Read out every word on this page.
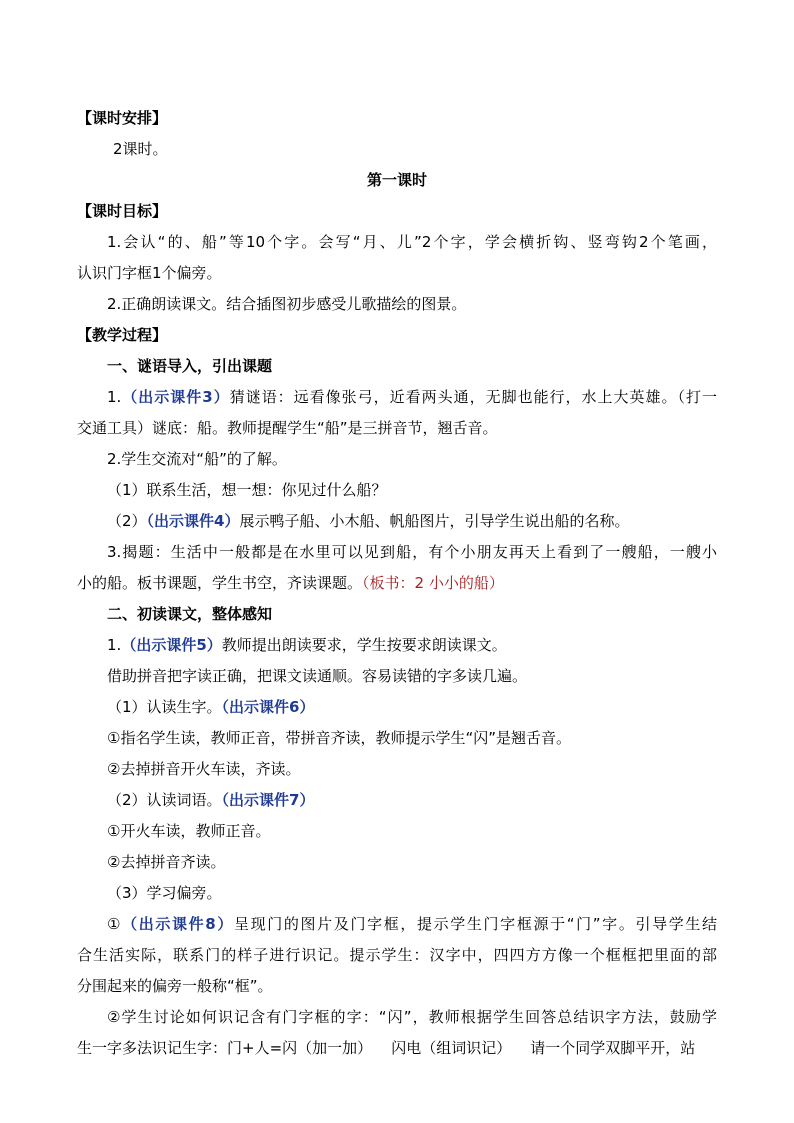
【课时安排】

2课时。

第一课时

【课时目标】

1.会认“的、船”等10个字。会写“月、儿”2个字，学会横折钩、竖弯钩2个笔画，

认识门字框1个偏旁。

2.正确朗读课文。结合插图初步感受儿歌描绘的图景。

【教学过程】

一、谜语导入，引出课题

1.（出示课件3）猜谜语：远看像张弓，近看两头通，无脚也能行，水上大英雄。（打一

交通工具）谜底：船。教师提醒学生“船”是三拼音节，翘舌音。

2.学生交流对“船”的了解。

（1）联系生活，想一想：你见过什么船？

（2）（出示课件4）展示鸭子船、小木船、帆船图片，引导学生说出船的名称。

3.揭题：生活中一般都是在水里可以见到船，有个小朋友再天上看到了一艘船，一艘小

小的船。板书课题，学生书空，齐读课题。（板书：2 小小的船）

二、初读课文，整体感知

1.（出示课件5）教师提出朗读要求，学生按要求朗读课文。

借助拼音把字读正确，把课文读通顺。容易读错的字多读几遍。

（1）认读生字。（出示课件6）

①指名学生读，教师正音，带拼音齐读，教师提示学生“闪”是翘舌音。

②去掉拼音开火车读，齐读。

（2）认读词语。（出示课件7）

①开火车读，教师正音。

②去掉拼音齐读。

（3）学习偏旁。

①（出示课件8）呈现门的图片及门字框，提示学生门字框源于“门”字。引导学生结

合生活实际，联系门的样子进行识记。提示学生：汉字中，四四方方像一个框框把里面的部

分围起来的偏旁一般称“框”。

②学生讨论如何识记含有门字框的字：“闪”，教师根据学生回答总结识字方法，鼓励学

生一字多法识记生字：门+人=闪（加一加）    闪电（组词识记）    请一个同学双脚平开，站
